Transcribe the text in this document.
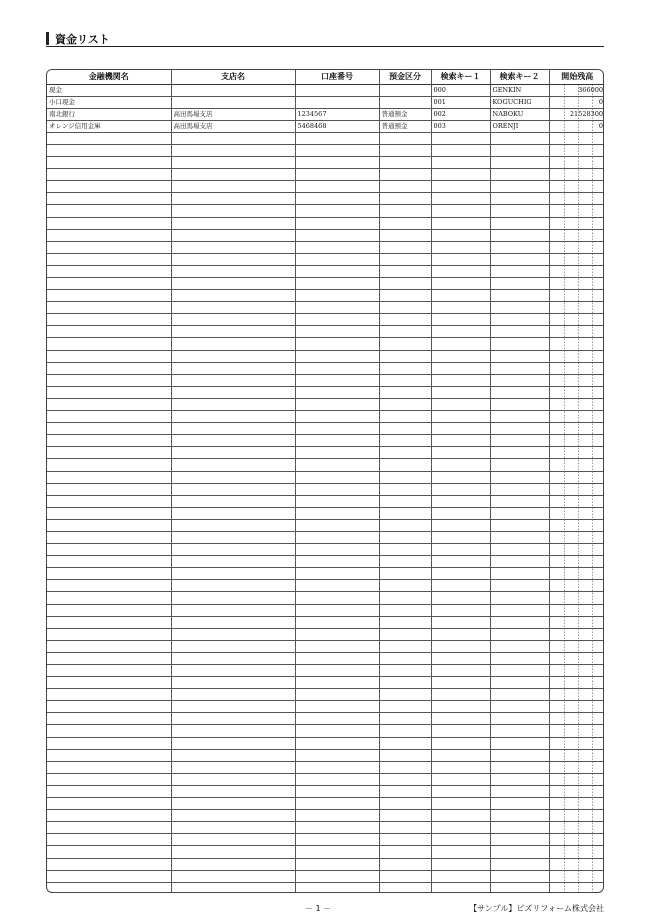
資金リスト
金融機関名	支店名	口座番号	預金区分	検索キー１	検索キー２	開始残高
現金				000	GENKIN	366000
小口現金				001	KOGUCHIG	0
南北銀行	高田馬場支店	1234567	普通預金	002	NABOKU	21528300
オレンジ信用金庫	高田馬場支店	5468468	普通預金	003	ORENJI	0

－ 1 －	【サンプル】ビズリフォーム株式会社
